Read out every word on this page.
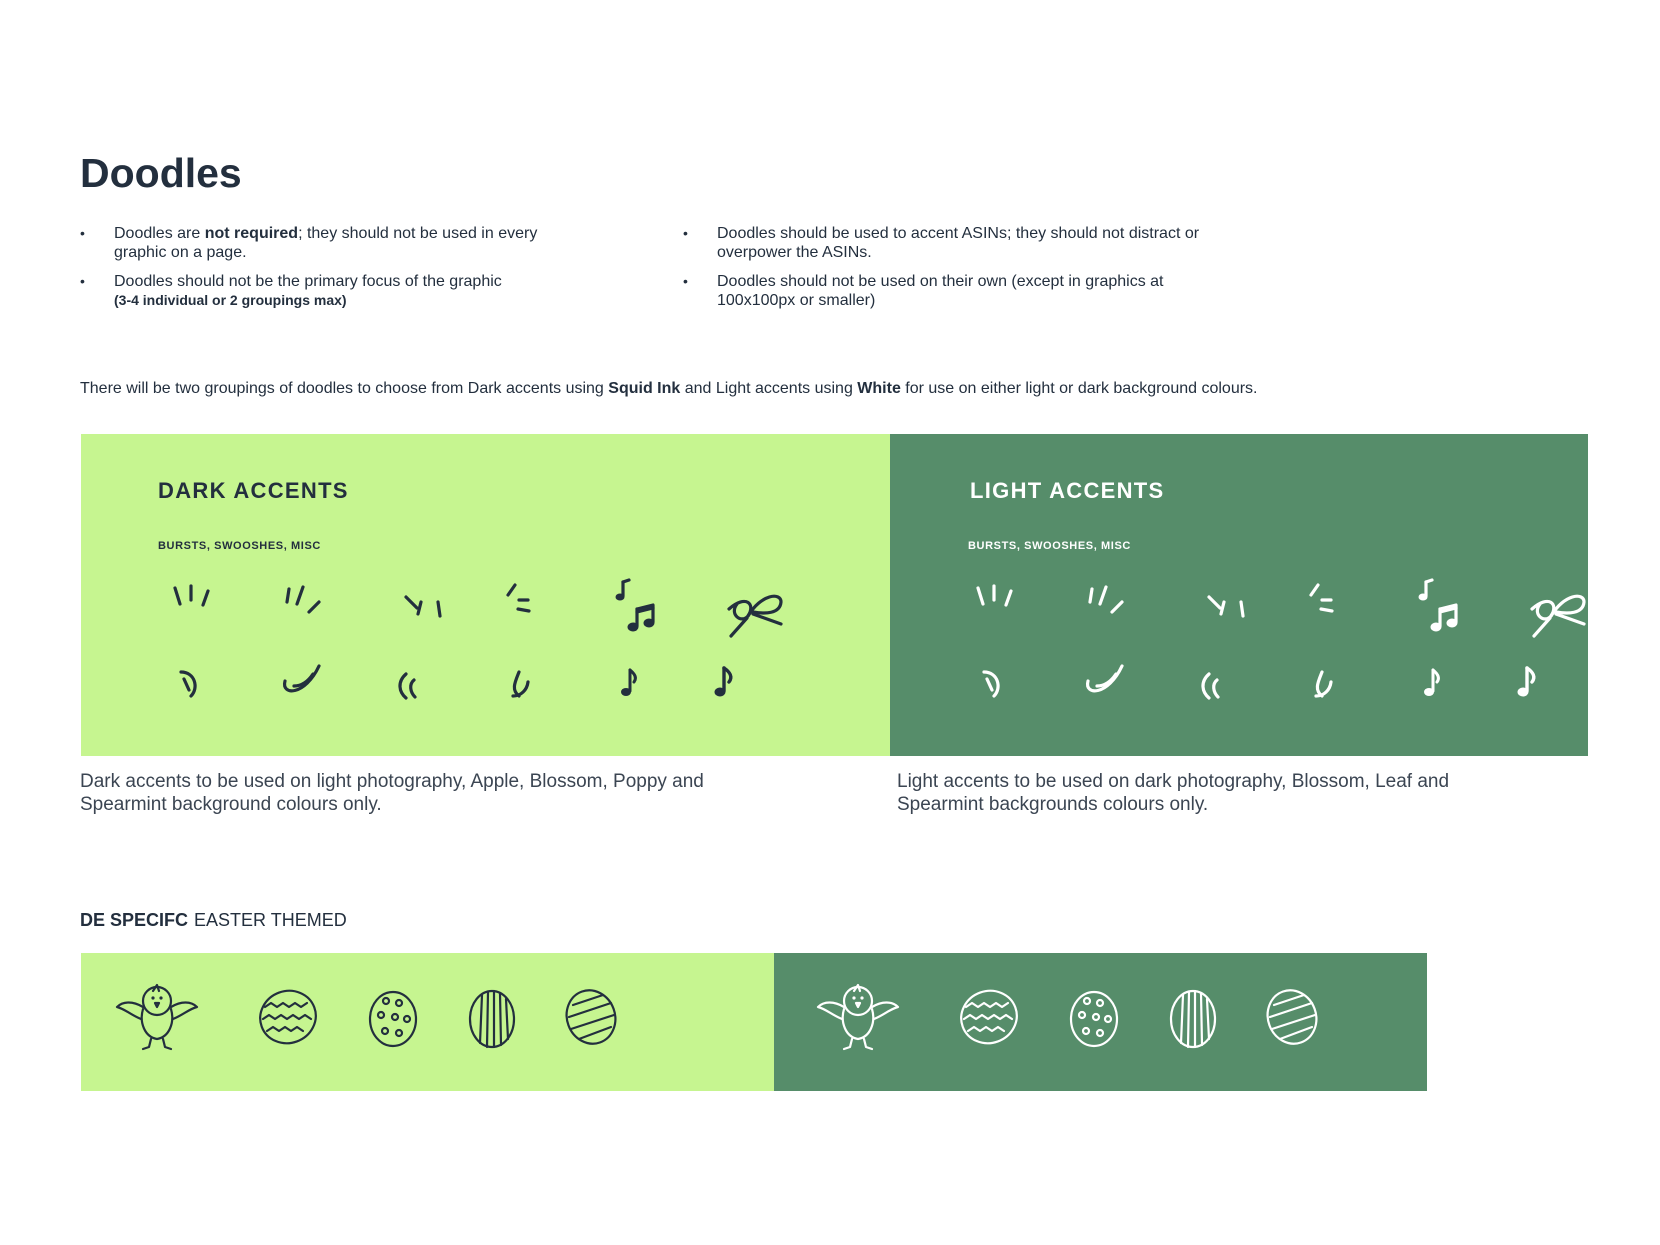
Doodles
• Doodles are not required; they should not be used in every graphic on a page.
• Doodles should not be the primary focus of the graphic
(3-4 individual or 2 groupings max)
• Doodles should be used to accent ASINs; they should not distract or overpower the ASINs.
• Doodles should not be used on their own (except in graphics at 100x100px or smaller)
There will be two groupings of doodles to choose from Dark accents using Squid Ink and Light accents using White for use on either light or dark background colours.
DARK ACCENTS
BURSTS, SWOOSHES, MISC
LIGHT ACCENTS
BURSTS, SWOOSHES, MISC
Dark accents to be used on light photography, Apple, Blossom, Poppy and Spearmint background colours only.
Light accents to be used on dark photography, Blossom, Leaf and Spearmint backgrounds colours only.
DE SPECIFC EASTER THEMED
